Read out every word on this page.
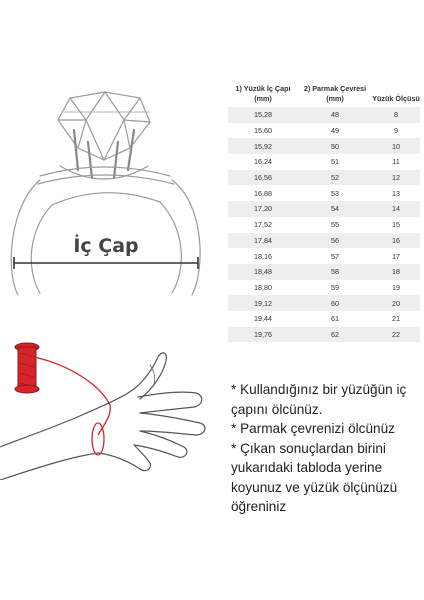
İç Çap
1) Yüzük İç Çapı (mm)	2) Parmak Çevresi (mm)	Yüzük Ölçüsü
15,28	48	8
15,60	49	9
15,92	50	10
16,24	51	11
16,56	52	12
16,88	53	13
17,20	54	14
17,52	55	15
17,84	56	16
18,16	57	17
18,48	58	18
18,80	59	19
19,12	60	20
19,44	61	21
19,76	62	22
* Kullandığınız bir yüzüğün iç çapını ölcünüz.
* Parmak çevrenizi ölcünüz
* Çıkan sonuçlardan birini yukarıdaki tabloda yerine koyunuz ve yüzük ölçünüzü öğreniniz
